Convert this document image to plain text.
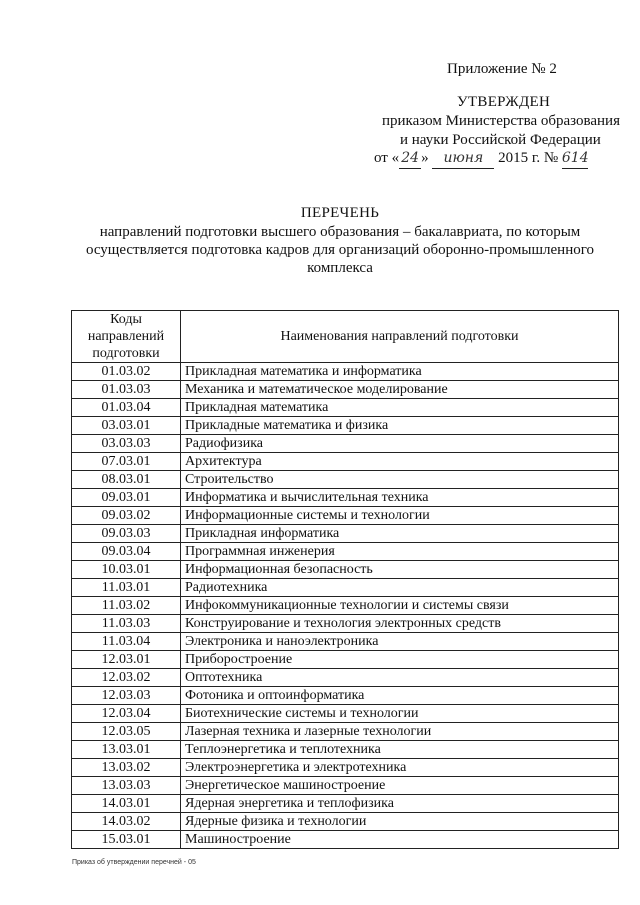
Приложение № 2
УТВЕРЖДЕН
приказом Министерства образования
и науки Российской Федерации
от « 24 » июня 2015 г. № 614
ПЕРЕЧЕНЬ
направлений подготовки высшего образования – бакалавриата, по которым осуществляется подготовка кадров для организаций оборонно-промышленного комплекса
Коды направлений подготовки	Наименования направлений подготовки
01.03.02	Прикладная математика и информатика
01.03.03	Механика и математическое моделирование
01.03.04	Прикладная математика
03.03.01	Прикладные математика и физика
03.03.03	Радиофизика
07.03.01	Архитектура
08.03.01	Строительство
09.03.01	Информатика и вычислительная техника
09.03.02	Информационные системы и технологии
09.03.03	Прикладная информатика
09.03.04	Программная инженерия
10.03.01	Информационная безопасность
11.03.01	Радиотехника
11.03.02	Инфокоммуникационные технологии и системы связи
11.03.03	Конструирование и технология электронных средств
11.03.04	Электроника и наноэлектроника
12.03.01	Приборостроение
12.03.02	Оптотехника
12.03.03	Фотоника и оптоинформатика
12.03.04	Биотехнические системы и технологии
12.03.05	Лазерная техника и лазерные технологии
13.03.01	Теплоэнергетика и теплотехника
13.03.02	Электроэнергетика и электротехника
13.03.03	Энергетическое машиностроение
14.03.01	Ядерная энергетика и теплофизика
14.03.02	Ядерные физика и технологии
15.03.01	Машиностроение
Приказ об утверждении перечней - 05
